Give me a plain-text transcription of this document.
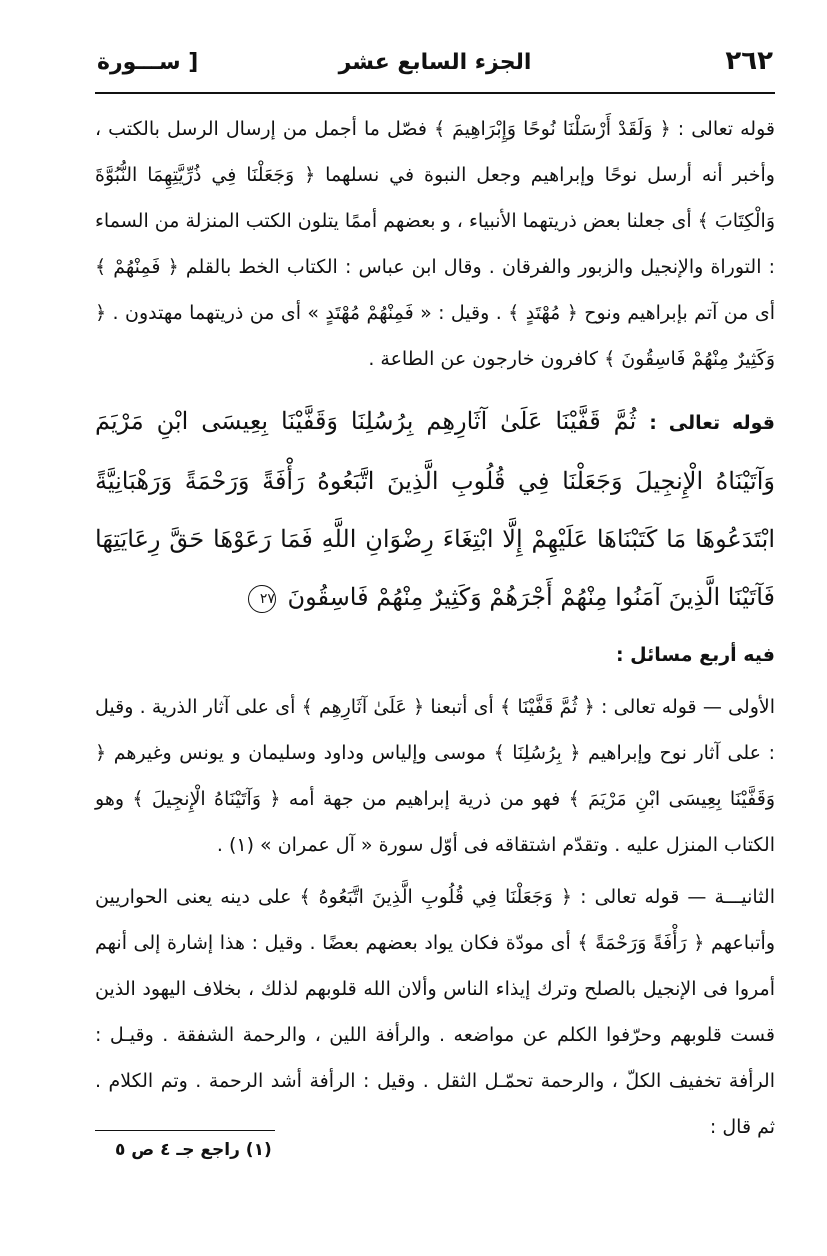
[ ســـورة	الجزء السابع عشر	٢٦٢

قوله تعالى : ﴿ وَلَقَدْ أَرْسَلْنَا نُوحًا وَإِبْرَاهِيمَ ﴾ فصّل ما أجمل من إرسال الرسل بالكتب ، وأخبر أنه أرسل نوحًا وإبراهيم وجعل النبوة في نسلهما ﴿ وَجَعَلْنَا فِي ذُرِّيَّتِهِمَا النُّبُوَّةَ وَالْكِتَابَ ﴾ أى جعلنا بعض ذريتهما الأنبياء ، و بعضهم أممًا يتلون الكتب المنزلة من السماء : التوراة والإنجيل والزبور والفرقان . وقال ابن عباس : الكتاب الخط بالقلم ﴿ فَمِنْهُمْ ﴾ أى من آتم بإبراهيم ونوح ﴿ مُهْتَدٍ ﴾ . وقيل : « فَمِنْهُمْ مُهْتَدٍ » أى من ذريتهما مهتدون . ﴿ وَكَثِيرٌ مِنْهُمْ فَاسِقُونَ ﴾ كافرون خارجون عن الطاعة .

قوله تعالى : ثُمَّ قَفَّيْنَا عَلَىٰ آثَارِهِم بِرُسُلِنَا وَقَفَّيْنَا بِعِيسَى ابْنِ مَرْيَمَ وَآتَيْنَاهُ الْإِنجِيلَ وَجَعَلْنَا فِي قُلُوبِ الَّذِينَ اتَّبَعُوهُ رَأْفَةً وَرَحْمَةً وَرَهْبَانِيَّةً ابْتَدَعُوهَا مَا كَتَبْنَاهَا عَلَيْهِمْ إِلَّا ابْتِغَاءَ رِضْوَانِ اللَّهِ فَمَا رَعَوْهَا حَقَّ رِعَايَتِهَا فَآتَيْنَا الَّذِينَ آمَنُوا مِنْهُمْ أَجْرَهُمْ وَكَثِيرٌ مِنْهُمْ فَاسِقُونَ ٢٧

فيه أربع مسائل :

الأولى — قوله تعالى : ﴿ ثُمَّ قَفَّيْنَا ﴾ أى أتبعنا ﴿ عَلَىٰ آثَارِهِم ﴾ أى على آثار الذرية . وقيل : على آثار نوح وإبراهيم ﴿ بِرُسُلِنَا ﴾ موسى وإلياس وداود وسليمان و يونس وغيرهم ﴿ وَقَفَّيْنَا بِعِيسَى ابْنِ مَرْيَمَ ﴾ فهو من ذرية إبراهيم من جهة أمه ﴿ وَآتَيْنَاهُ الْإِنجِيلَ ﴾ وهو الكتاب المنزل عليه . وتقدّم اشتقاقه فى أوّل سورة « آل عمران » (١) .

الثانيـــة — قوله تعالى : ﴿ وَجَعَلْنَا فِي قُلُوبِ الَّذِينَ اتَّبَعُوهُ ﴾ على دينه يعنى الحواريين وأتباعهم ﴿ رَأْفَةً وَرَحْمَةً ﴾ أى مودّة فكان يواد بعضهم بعضًا . وقيل : هذا إشارة إلى أنهم أمروا فى الإنجيل بالصلح وترك إيذاء الناس وألان الله قلوبهم لذلك ، بخلاف اليهود الذين قست قلوبهم وحرّفوا الكلم عن مواضعه . والرأفة اللين ، والرحمة الشفقة . وقيـل : الرأفة تخفيف الكلّ ، والرحمة تحمّـل الثقل . وقيل : الرأفة أشد الرحمة . وتم الكلام . ثم قال :

(١) راجع جـ ٤ ص ٥
